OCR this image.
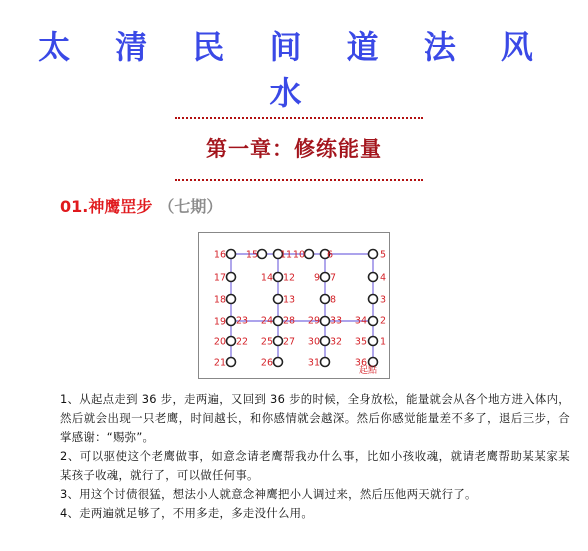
太 清 民 间 道 法 风 水
第一章：修练能量
01.神鹰罡步 （七期）
16
17
18
19
20
21
22
23
15 11
14 12
13
24 28
25 27
26
10 6
9 7
8
29 33
30 32
31
5
4
3
34 2
35 1
36
起點

1、从起点走到 36 步，走两遍，又回到 36 步的时候，全身放松，能量就会从各个地方进入体内，然后就会出现一只老鹰，时间越长，和你感情就会越深。然后你感觉能量差不多了，退后三步，合掌感谢：“赐弥”。

2、可以驱使这个老鹰做事，如意念请老鹰帮我办什么事，比如小孩收魂，就请老鹰帮助某某家某某孩子收魂，就行了，可以做任何事。

3、用这个讨债很猛，想法小人就意念神鹰把小人调过来，然后压他两天就行了。

4、走两遍就足够了，不用多走，多走没什么用。
